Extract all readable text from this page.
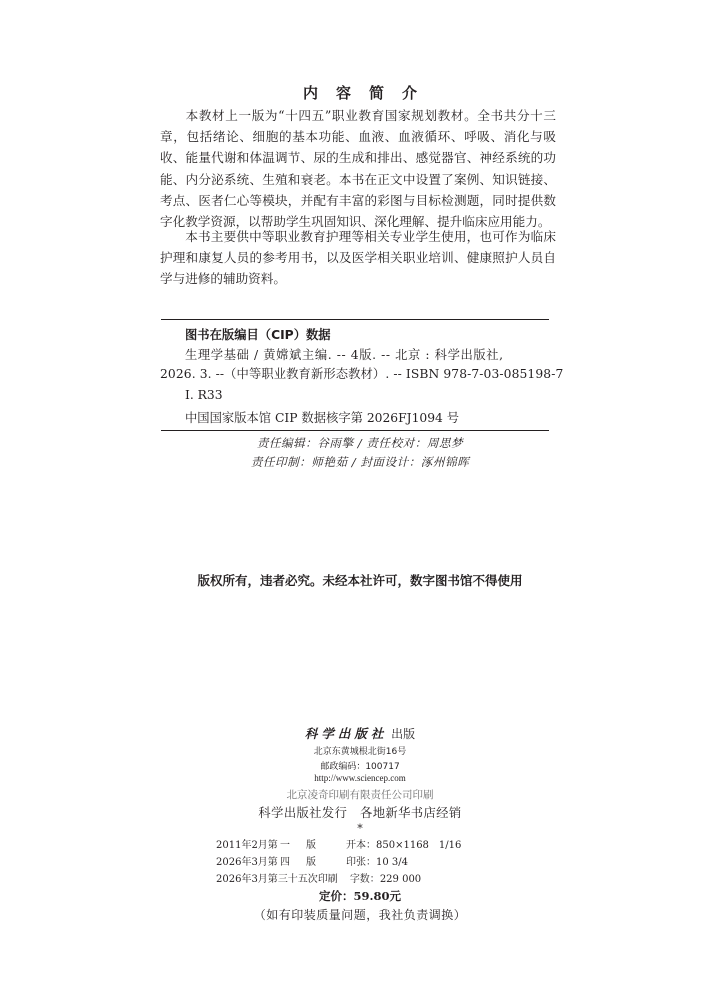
内容简介
本教材上一版为“十四五”职业教育国家规划教材。全书共分十三章，包括绪论、细胞的基本功能、血液、血液循环、呼吸、消化与吸收、能量代谢和体温调节、尿的生成和排出、感觉器官、神经系统的功能、内分泌系统、生殖和衰老。本书在正文中设置了案例、知识链接、考点、医者仁心等模块，并配有丰富的彩图与目标检测题，同时提供数字化教学资源，以帮助学生巩固知识、深化理解、提升临床应用能力。
本书主要供中等职业教育护理等相关专业学生使用，也可作为临床护理和康复人员的参考用书，以及医学相关职业培训、健康照护人员自学与进修的辅助资料。
图书在版编目（CIP）数据
生理学基础 / 黄嫦斌主编. -- 4版. -- 北京 : 科学出版社,
2026. 3. --（中等职业教育新形态教材）. -- ISBN 978-7-03-085198-7
Ⅰ. R33
中国国家版本馆 CIP 数据核字第 2026FJ1094 号
责任编辑：谷雨擎 / 责任校对：周思梦
责任印制：师艳茹 / 封面设计：涿州锦晖
版权所有，违者必究。未经本社许可，数字图书馆不得使用
科学出版社 出版
北京东黄城根北街16号
邮政编码：100717
http://www.sciencep.com
北京凌奇印刷有限责任公司印刷
科学出版社发行　各地新华书店经销
*
2011年2月第 一 版	开本：850×1168　1/16
2026年3月第 四 版	印张：10 3/4
2026年3月第三十五次印刷 字数：229 000
定价：59.80元
（如有印装质量问题，我社负责调换）
